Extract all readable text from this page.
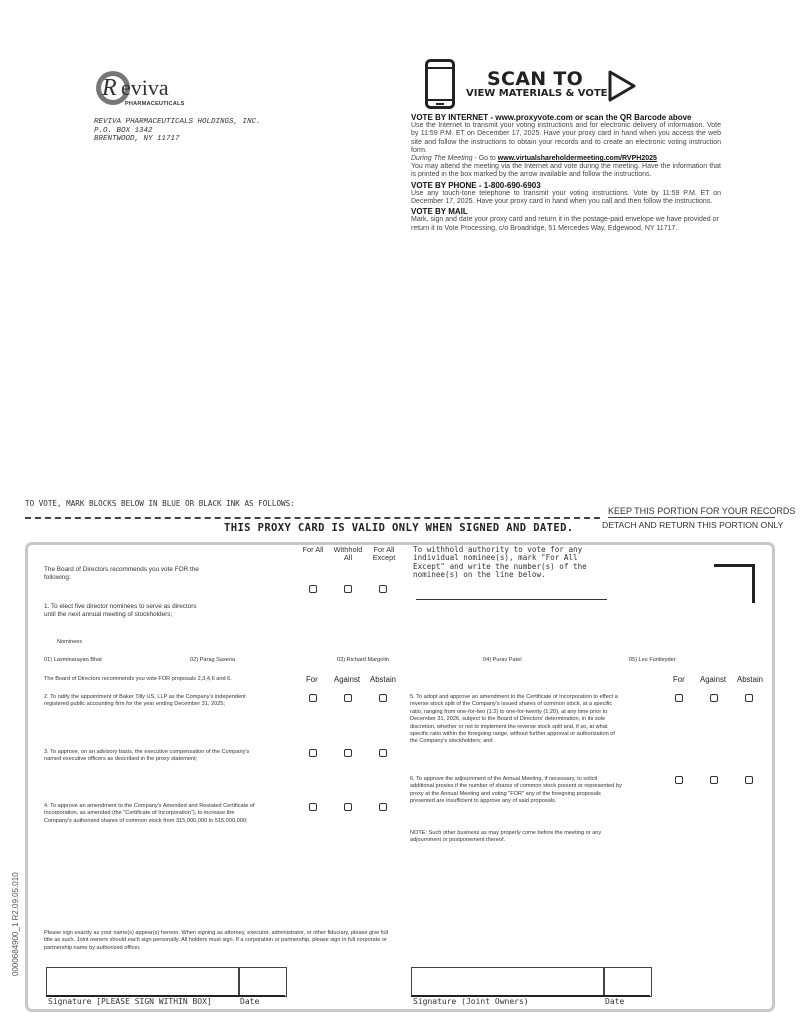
R eviva
PHARMACEUTICALS
REVIVA PHARMACEUTICALS HOLDINGS, INC.
P.O. BOX 1342
BRENTWOOD, NY 11717
SCAN TO
VIEW MATERIALS & VOTE
VOTE BY INTERNET - www.proxyvote.com or scan the QR Barcode above

Use the Internet to transmit your voting instructions and for electronic delivery of information. Vote by 11:59 P.M. ET on December 17, 2025. Have your proxy card in hand when you access the web site and follow the instructions to obtain your records and to create an electronic voting instruction form.

During The Meeting - Go to www.virtualshareholdermeeting.com/RVPH2025

You may attend the meeting via the Internet and vote during the meeting. Have the information that is printed in the box marked by the arrow available and follow the instructions.

VOTE BY PHONE - 1-800-690-6903

Use any touch-tone telephone to transmit your voting instructions. Vote by 11:59 P.M. ET on December 17, 2025. Have your proxy card in hand when you call and then follow the instructions.

VOTE BY MAIL

Mark, sign and date your proxy card and return it in the postage-paid envelope we have provided or return it to Vote Processing, c/o Broadridge, 51 Mercedes Way, Edgewood, NY 11717.

TO VOTE, MARK BLOCKS BELOW IN BLUE OR BLACK INK AS FOLLOWS:
KEEP THIS PORTION FOR YOUR RECORDS
DETACH AND RETURN THIS PORTION ONLY
THIS PROXY CARD IS VALID ONLY WHEN SIGNED AND DATED.
The Board of Directors recommends you vote FOR the following:
For All	Withhold All
For All Except
To withhold authority to vote for any individual nominee(s), mark "For All Except" and write the number(s) of the nominee(s) on the line below.
1. To elect five director nominees to serve as directors until the next annual meeting of stockholders;
Nominees
01) Laxminarayan Bhat	02) Parag Saxena	03) Richard Margolin	04) Purav Patel	05) Les Funtleyder
The Board of Directors recommends you vote FOR proposals 2,3,4,6 and 6.	For Against Abstain	For Against Abstain
2. To ratify the appointment of Baker Tilly US, LLP as the Company's independent registered public accounting firm for the year ending December 31, 2025;
3. To approve, on an advisory basis, the executive compensation of the Company's named executive officers as described in the proxy statement;
4. To approve an amendment to the Company's Amended and Restated Certificate of Incorporation, as amended (the "Certificate of Incorporation"), to increase the Company's authorized shares of common stock from 315,000,000 to 515,000,000;
5. To adopt and approve an amendment to the Certificate of Incorporation to effect a reverse stock split of the Company's issued shares of common stock, at a specific ratio, ranging from one-for-two (1:2) to one-for-twenty (1:20), at any time prior to December 31, 2026, subject to the Board of Directors' determination, in its sole discretion, whether or not to implement the reverse stock split and, if so, at what specific ratio within the foregoing range, without further approval or authorization of the Company's stockholders; and
6. To approve the adjournment of the Annual Meeting, if necessary, to solicit additional proxies if the number of shares of common stock present or represented by proxy at the Annual Meeting and voting "FOR" any of the foregoing proposals presented are insufficient to approve any of said proposals.
NOTE: Such other business as may properly come before the meeting or any adjournment or postponement thereof.
Please sign exactly as your name(s) appear(s) hereon. When signing as attorney, executor, administrator, or other fiduciary, please give full title as such. Joint owners should each sign personally. All holders must sign. If a corporation or partnership, please sign in full corporate or partnership name by authorized officer.
Signature [PLEASE SIGN WITHIN BOX]	Date	Signature (Joint Owners)	Date
0000684900_1 R2.09.05.010
